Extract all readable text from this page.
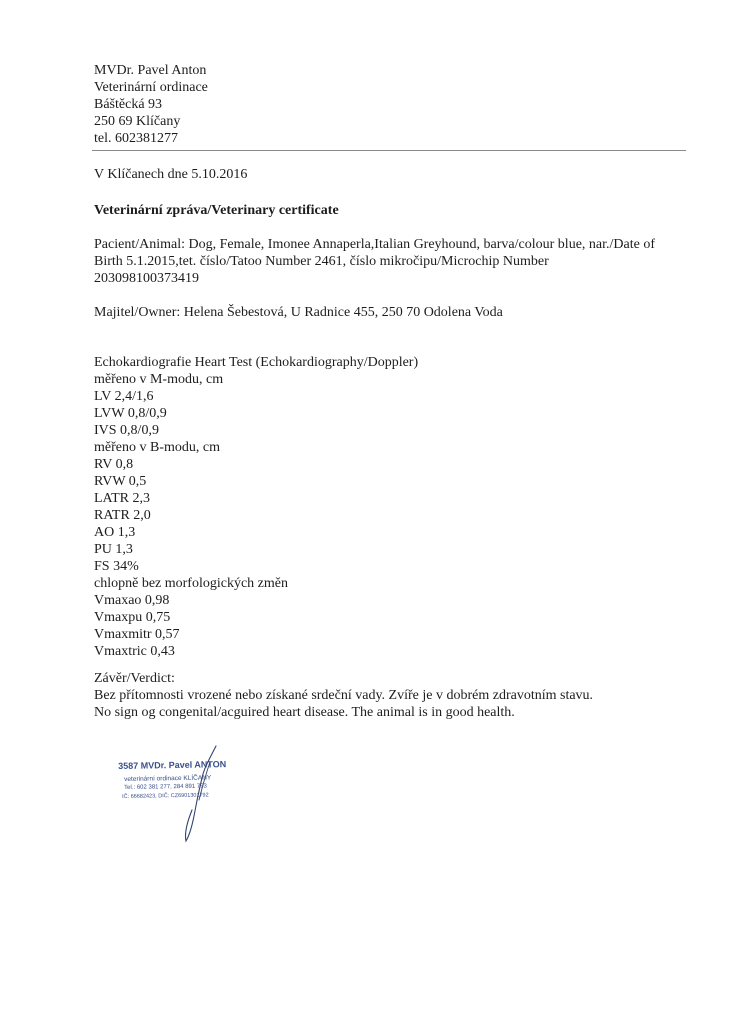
MVDr. Pavel Anton
Veterinární ordinace
Báštěcká 93
250 69 Klíčany
tel. 602381277
V Klíčanech dne 5.10.2016
Veterinární zpráva/Veterinary certificate
Pacient/Animal: Dog, Female, Imonee Annaperla,Italian Greyhound, barva/colour blue, nar./Date of
Birth 5.1.2015,tet. číslo/Tatoo Number 2461, číslo mikročipu/Microchip Number
203098100373419
Majitel/Owner: Helena Šebestová, U Radnice 455, 250 70 Odolena Voda
Echokardiografie Heart Test (Echokardiography/Doppler)
měřeno v M-modu, cm
LV 2,4/1,6
LVW 0,8/0,9
IVS 0,8/0,9
měřeno v B-modu, cm
RV 0,8
RVW 0,5
LATR 2,3
RATR 2,0
AO 1,3
PU 1,3
FS 34%
chlopně bez morfologických změn
Vmaxao 0,98
Vmaxpu 0,75
Vmaxmitr 0,57
Vmaxtric 0,43
Závěr/Verdict:
Bez přítomnosti vrozené nebo získané srdeční vady. Zvíře je v dobrém zdravotním stavu.
No sign og congenital/acguired heart disease. The animal is in good health.
3587 MVDr. Pavel ANTON
veterinární ordinace KLÍČANY
Tel.: 602 381 277, 284 891 793
IČ: 66682423, DIČ: CZ6901301792
